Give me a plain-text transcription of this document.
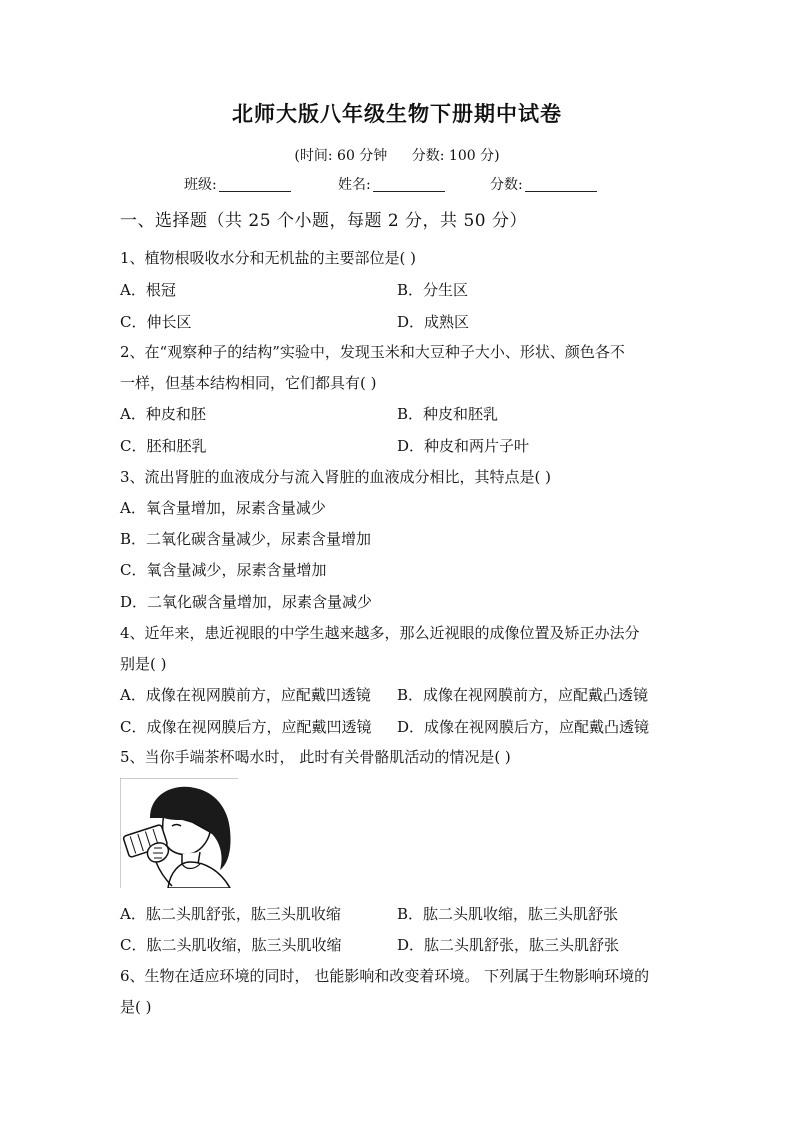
北师大版八年级生物下册期中试卷
(时间: 60 分钟 分数: 100 分)
班级:	姓名:	分数:
一、选择题（共 25 个小题，每题 2 分，共 50 分）
1、植物根吸收水分和无机盐的主要部位是( )
A．根冠	B．分生区
C．伸长区	D．成熟区
2、在“观察种子的结构”实验中，发现玉米和大豆种子大小、形状、颜色各不
一样，但基本结构相同，它们都具有( )
A．种皮和胚	B．种皮和胚乳
C．胚和胚乳	D．种皮和两片子叶
3、流出肾脏的血液成分与流入肾脏的血液成分相比，其特点是( )
A．氧含量增加，尿素含量减少
B．二氧化碳含量减少，尿素含量增加
C．氧含量减少，尿素含量增加
D．二氧化碳含量增加，尿素含量减少
4、近年来，患近视眼的中学生越来越多，那么近视眼的成像位置及矫正办法分
别是( )
A．成像在视网膜前方，应配戴凹透镜 B．成像在视网膜前方，应配戴凸透镜
C．成像在视网膜后方，应配戴凹透镜 D．成像在视网膜后方，应配戴凸透镜
5、当你手端茶杯喝水时， 此时有关骨骼肌活动的情况是( )
A．肱二头肌舒张，肱三头肌收缩	B．肱二头肌收缩，肱三头肌舒张
C．肱二头肌收缩，肱三头肌收缩	D．肱二头肌舒张，肱三头肌舒张
6、生物在适应环境的同时， 也能影响和改变着环境。 下列属于生物影响环境的
是( )
